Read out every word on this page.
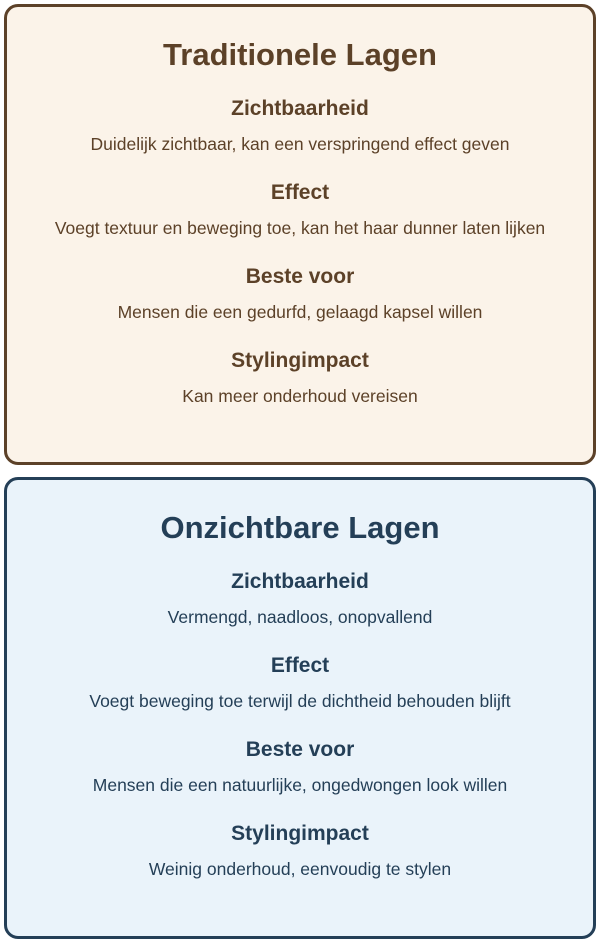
Traditionele Lagen
Zichtbaarheid

Duidelijk zichtbaar, kan een verspringend effect geven

Effect

Voegt textuur en beweging toe, kan het haar dunner laten lijken

Beste voor

Mensen die een gedurfd, gelaagd kapsel willen

Stylingimpact

Kan meer onderhoud vereisen

Onzichtbare Lagen
Zichtbaarheid

Vermengd, naadloos, onopvallend

Effect

Voegt beweging toe terwijl de dichtheid behouden blijft

Beste voor

Mensen die een natuurlijke, ongedwongen look willen

Stylingimpact

Weinig onderhoud, eenvoudig te stylen
